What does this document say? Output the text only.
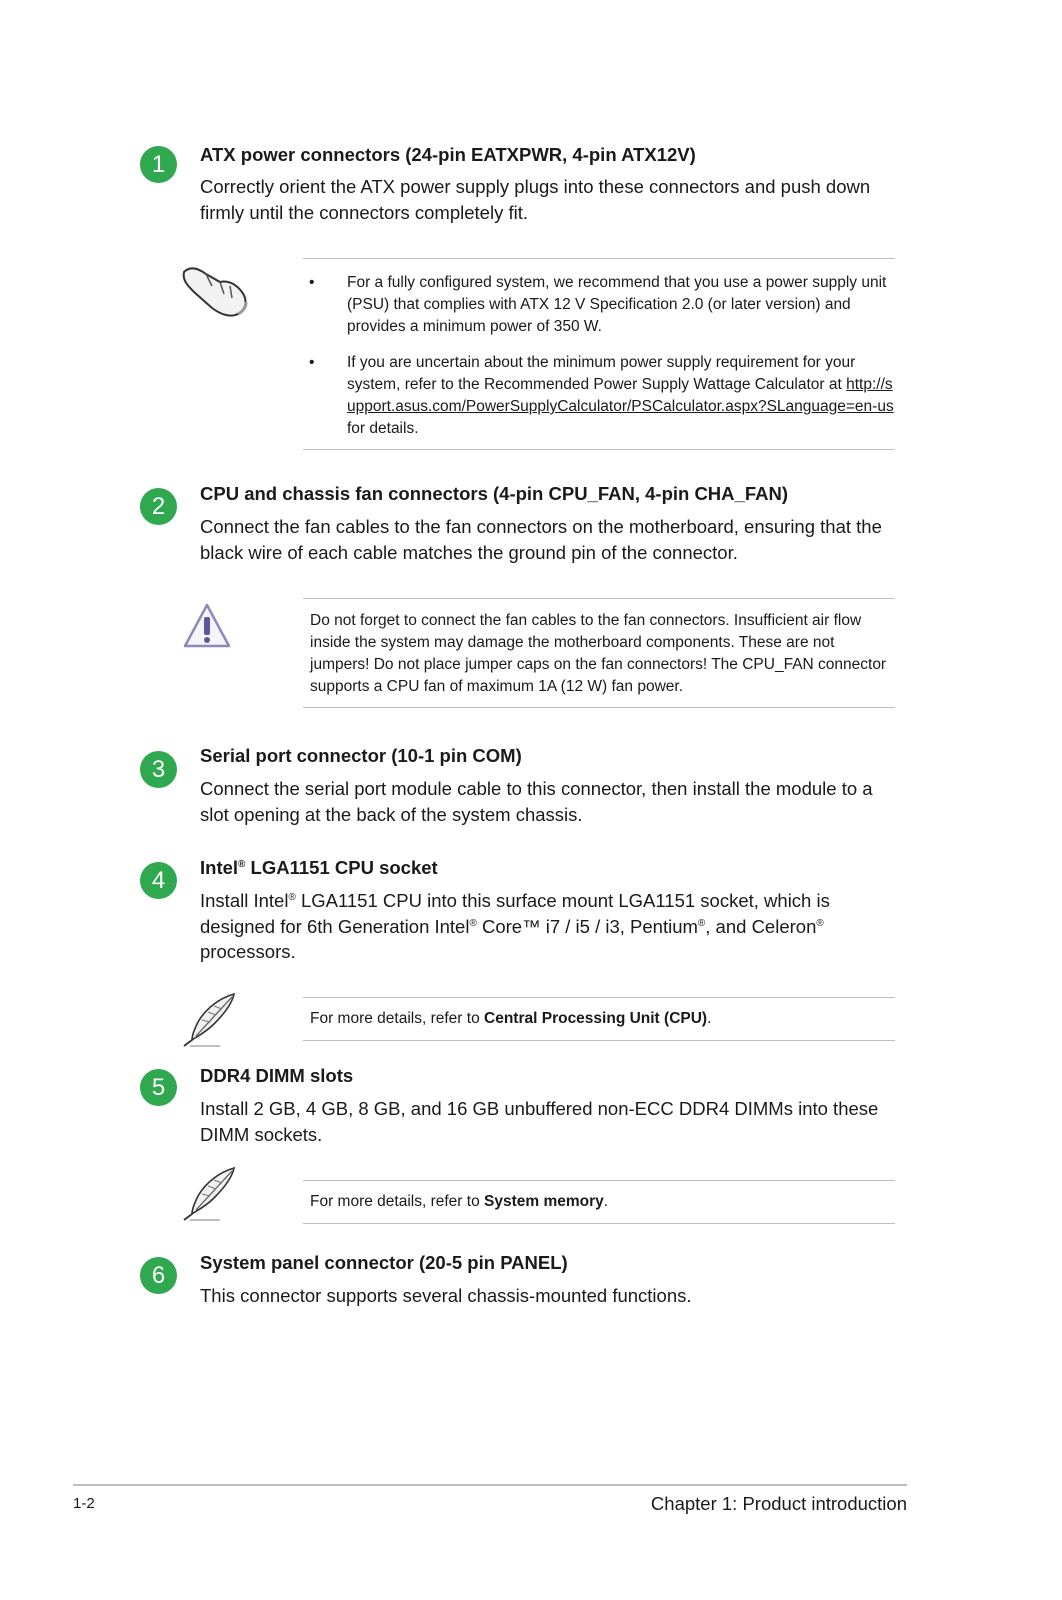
1	ATX power connectors (24-pin EATXPWR, 4-pin ATX12V)

Correctly orient the ATX power supply plugs into these connectors and push down firmly until the connectors completely fit.

• For a fully configured system, we recommend that you use a power supply unit (PSU) that complies with ATX 12 V Specification 2.0 (or later version) and provides a minimum power of 350 W.
• If you are uncertain about the minimum power supply requirement for your system, refer to the Recommended Power Supply Wattage Calculator at http://support.asus.com/PowerSupplyCalculator/PSCalculator.aspx?SLanguage=en-us for details.
2	CPU and chassis fan connectors (4-pin CPU_FAN, 4-pin CHA_FAN)

Connect the fan cables to the fan connectors on the motherboard, ensuring that the black wire of each cable matches the ground pin of the connector.

Do not forget to connect the fan cables to the fan connectors. Insufficient air flow inside the system may damage the motherboard components. These are not jumpers! Do not place jumper caps on the fan connectors! The CPU_FAN connector supports a CPU fan of maximum 1A (12 W) fan power.

3

Serial port connector (10-1 pin COM)

Connect the serial port module cable to this connector, then install the module to a slot opening at the back of the system chassis.

4	Intel® LGA1151 CPU socket

Install Intel® LGA1151 CPU into this surface mount LGA1151 socket, which is designed for 6th Generation Intel® Core™ i7 / i5 / i3, Pentium®, and Celeron® processors.

For more details, refer to Central Processing Unit (CPU).

5	DDR4 DIMM slots

Install 2 GB, 4 GB, 8 GB, and 16 GB unbuffered non-ECC DDR4 DIMMs into these DIMM sockets.

For more details, refer to System memory.

6	System panel connector (20-5 pin PANEL)

This connector supports several chassis-mounted functions.

1-2	Chapter 1: Product introduction
